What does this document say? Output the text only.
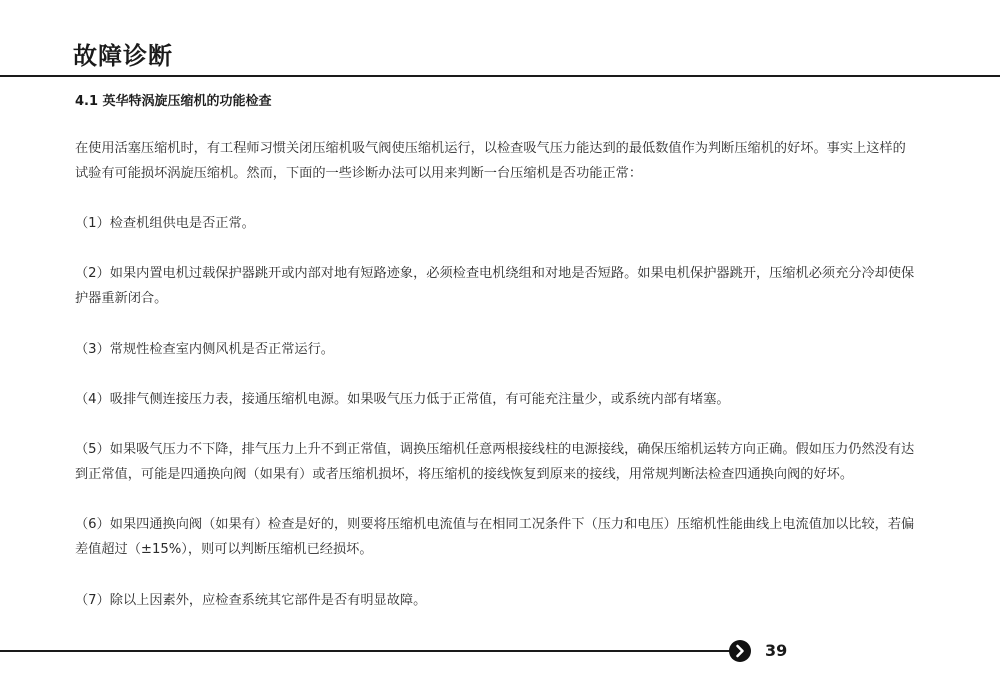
故障诊断
4.1 英华特涡旋压缩机的功能检查

在使用活塞压缩机时，有工程师习惯关闭压缩机吸气阀使压缩机运行，以检查吸气压力能达到的最低数值作为判断压缩机的好坏。事实上这样的试验有可能损坏涡旋压缩机。然而，下面的一些诊断办法可以用来判断一台压缩机是否功能正常：

（1）检查机组供电是否正常。

（2）如果内置电机过载保护器跳开或内部对地有短路迹象，必须检查电机绕组和对地是否短路。如果电机保护器跳开，压缩机必须充分冷却使保护器重新闭合。

（3）常规性检查室内侧风机是否正常运行。

（4）吸排气侧连接压力表，接通压缩机电源。如果吸气压力低于正常值，有可能充注量少，或系统内部有堵塞。

（5）如果吸气压力不下降，排气压力上升不到正常值，调换压缩机任意两根接线柱的电源接线，确保压缩机运转方向正确。假如压力仍然没有达到正常值，可能是四通换向阀（如果有）或者压缩机损坏，将压缩机的接线恢复到原来的接线，用常规判断法检查四通换向阀的好坏。

（6）如果四通换向阀（如果有）检查是好的，则要将压缩机电流值与在相同工况条件下（压力和电压）压缩机性能曲线上电流值加以比较，若偏差值超过（±15%），则可以判断压缩机已经损坏。

（7）除以上因素外，应检查系统其它部件是否有明显故障。

39
